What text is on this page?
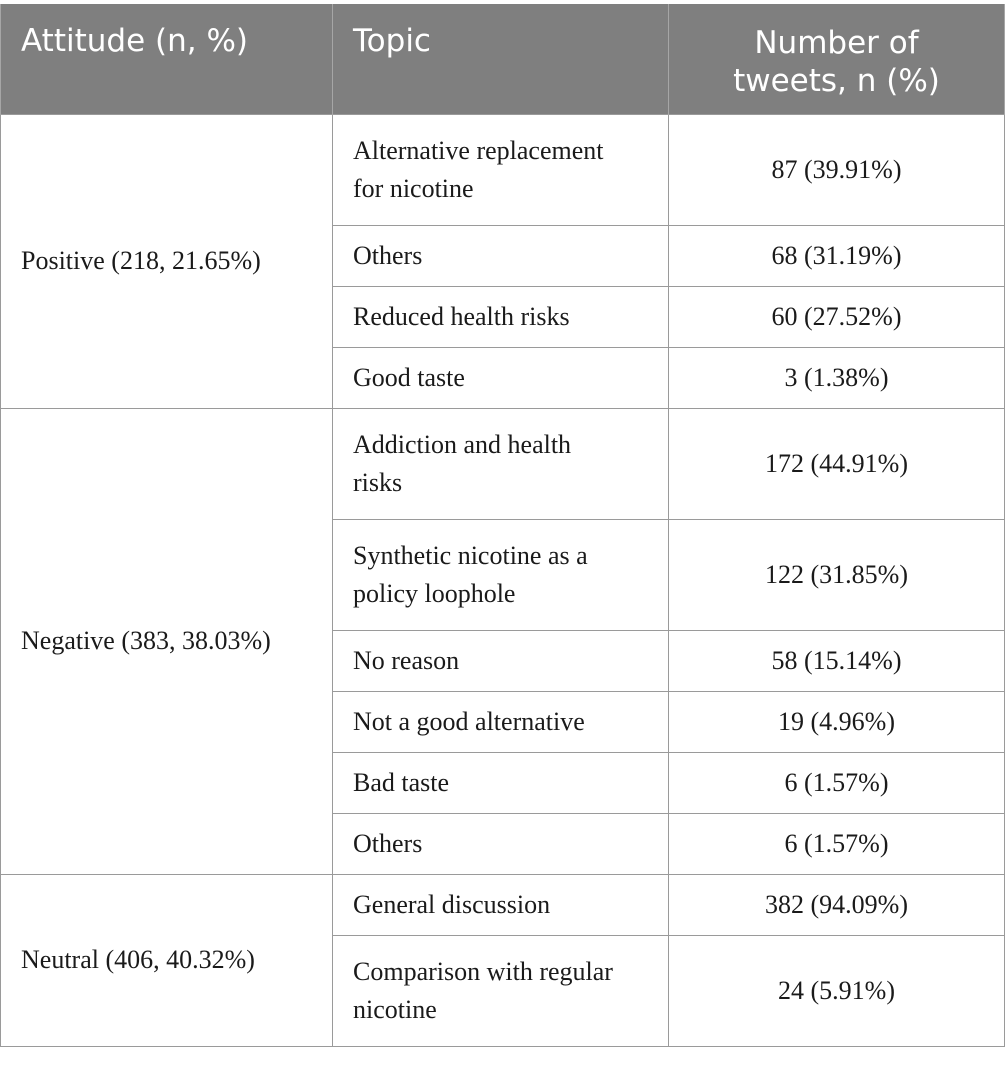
Attitude (n, %)	Topic	Number of
tweets, n (%)
Positive (218, 21.65%)	Alternative replacement
for nicotine	87 (39.91%)
	Others	68 (31.19%)
	Reduced health risks	60 (27.52%)
	Good taste	3 (1.38%)
Negative (383, 38.03%)	Addiction and health
risks	172 (44.91%)
	Synthetic nicotine as a
policy loophole	122 (31.85%)
	No reason	58 (15.14%)
	Not a good alternative	19 (4.96%)
	Bad taste	6 (1.57%)
	Others	6 (1.57%)
Neutral (406, 40.32%)	General discussion	382 (94.09%)
	Comparison with regular
nicotine	24 (5.91%)
